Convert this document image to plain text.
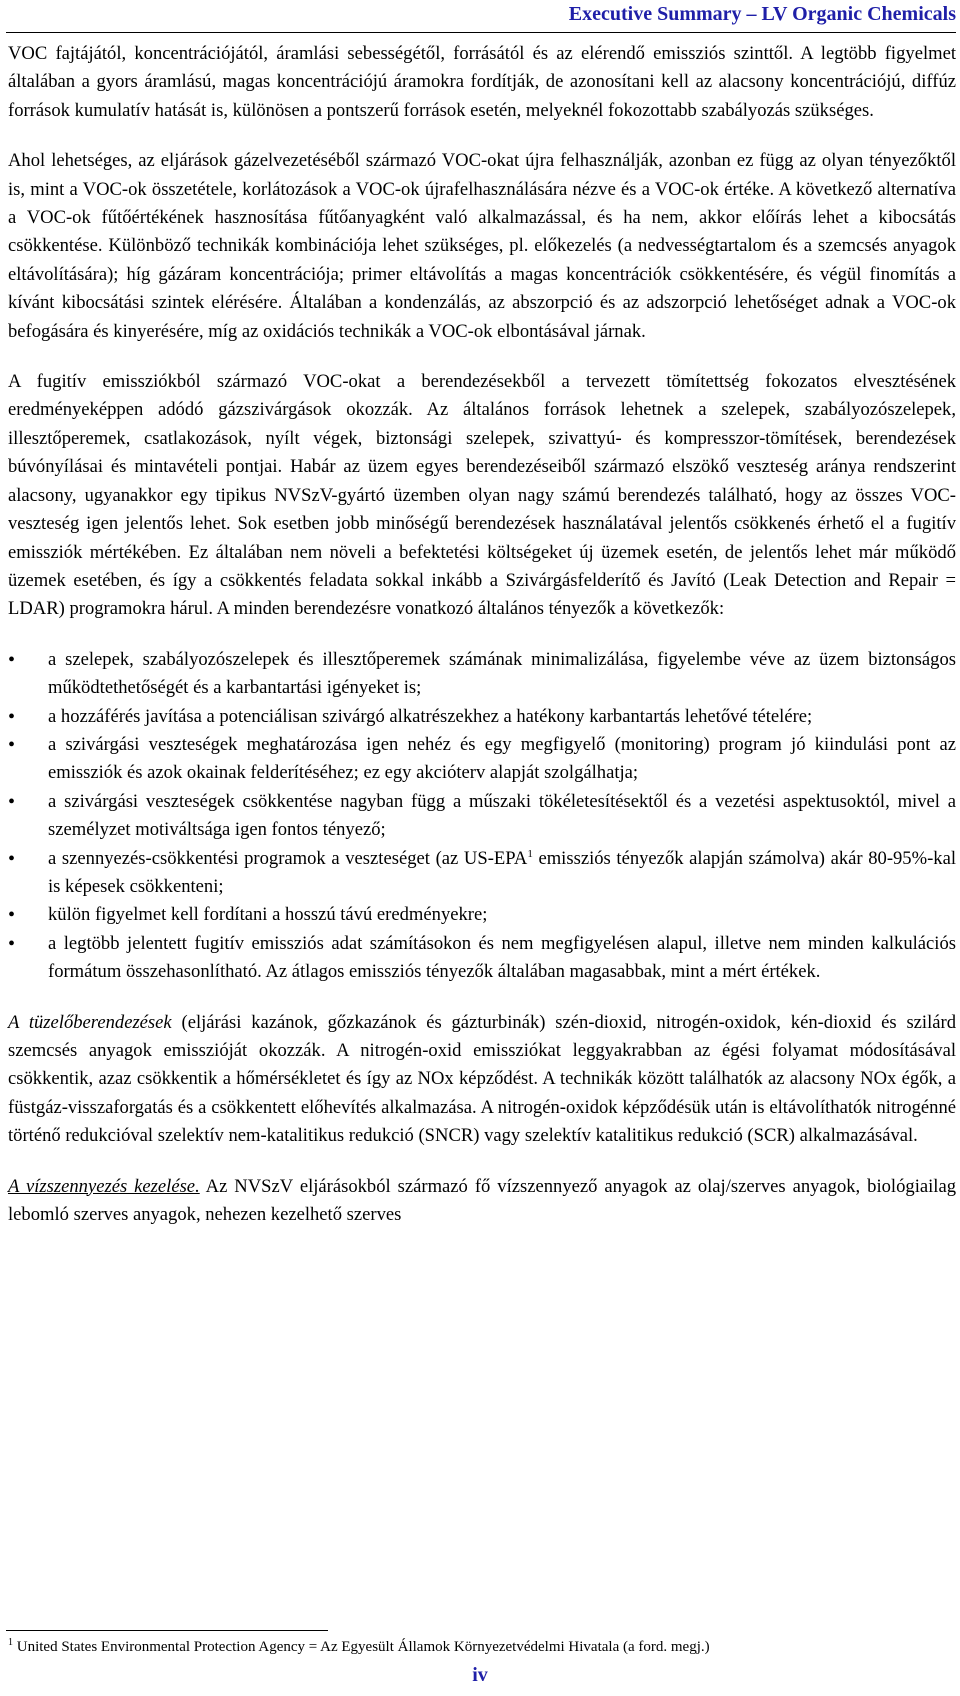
Executive Summary – LV Organic Chemicals

VOC fajtájától, koncentrációjától, áramlási sebességétől, forrásától és az elérendő emissziós szinttől. A legtöbb figyelmet általában a gyors áramlású, magas koncentrációjú áramokra fordítják, de azonosítani kell az alacsony koncentrációjú, diffúz források kumulatív hatását is, különösen a pontszerű források esetén, melyeknél fokozottabb szabályozás szükséges.

Ahol lehetséges, az eljárások gázelvezetéséből származó VOC-okat újra felhasználják, azonban ez függ az olyan tényezőktől is, mint a VOC-ok összetétele, korlátozások a VOC-ok újrafelhasználására nézve és a VOC-ok értéke. A következő alternatíva a VOC-ok fűtőértékének hasznosítása fűtőanyagként való alkalmazással, és ha nem, akkor előírás lehet a kibocsátás csökkentése. Különböző technikák kombinációja lehet szükséges, pl. előkezelés (a nedvességtartalom és a szemcsés anyagok eltávolítására); híg gázáram koncentrációja; primer eltávolítás a magas koncentrációk csökkentésére, és végül finomítás a kívánt kibocsátási szintek elérésére. Általában a kondenzálás, az abszorpció és az adszorpció lehetőséget adnak a VOC-ok befogására és kinyerésére, míg az oxidációs technikák a VOC-ok elbontásával járnak.

A fugitív emissziókból származó VOC-okat a berendezésekből a tervezett tömítettség fokozatos elvesztésének eredményeképpen adódó gázszivárgások okozzák. Az általános források lehetnek a szelepek, szabályozószelepek, illesztőperemek, csatlakozások, nyílt végek, biztonsági szelepek, szivattyú- és kompresszor-tömítések, berendezések búvónyílásai és mintavételi pontjai. Habár az üzem egyes berendezéseiből származó elszökő veszteség aránya rendszerint alacsony, ugyanakkor egy tipikus NVSzV-gyártó üzemben olyan nagy számú berendezés található, hogy az összes VOC-veszteség igen jelentős lehet. Sok esetben jobb minőségű berendezések használatával jelentős csökkenés érhető el a fugitív emissziók mértékében. Ez általában nem növeli a befektetési költségeket új üzemek esetén, de jelentős lehet már működő üzemek esetében, és így a csökkentés feladata sokkal inkább a Szivárgásfelderítő és Javító (Leak Detection and Repair = LDAR) programokra hárul. A minden berendezésre vonatkozó általános tényezők a következők:

• a szelepek, szabályozószelepek és illesztőperemek számának minimalizálása, figyelembe véve az üzem biztonságos működtethetőségét és a karbantartási igényeket is;
• a hozzáférés javítása a potenciálisan szivárgó alkatrészekhez a hatékony karbantartás lehetővé tételére;
• a szivárgási veszteségek meghatározása igen nehéz és egy megfigyelő (monitoring) program jó kiindulási pont az emissziók és azok okainak felderítéséhez; ez egy akcióterv alapját szolgálhatja;
• a szivárgási veszteségek csökkentése nagyban függ a műszaki tökéletesítésektől és a vezetési aspektusoktól, mivel a személyzet motiváltsága igen fontos tényező;
• a szennyezés-csökkentési programok a veszteséget (az US-EPA$^1$ emissziós tényezők alapján számolva) akár 80-95%-kal is képesek csökkenteni;
• külön figyelmet kell fordítani a hosszú távú eredményekre;
• a legtöbb jelentett fugitív emissziós adat számításokon és nem megfigyelésen alapul, illetve nem minden kalkulációs formátum összehasonlítható. Az átlagos emissziós tényezők általában magasabbak, mint a mért értékek.

A tüzelőberendezések (eljárási kazánok, gőzkazánok és gázturbinák) szén-dioxid, nitrogén-oxidok, kén-dioxid és szilárd szemcsés anyagok emisszióját okozzák. A nitrogén-oxid emissziókat leggyakrabban az égési folyamat módosításával csökkentik, azaz csökkentik a hőmérsékletet és így az NOx képződést. A technikák között találhatók az alacsony NOx égők, a füstgáz-visszaforgatás és a csökkentett előhevítés alkalmazása. A nitrogén-oxidok képződésük után is eltávolíthatók nitrogénné történő redukcióval szelektív nem-katalitikus redukció (SNCR) vagy szelektív katalitikus redukció (SCR) alkalmazásával.

A vízszennyezés kezelése. Az NVSzV eljárásokból származó fő vízszennyező anyagok az olaj/szerves anyagok, biológiailag lebomló szerves anyagok, nehezen kezelhető szerves

$^1$ United States Environmental Protection Agency = Az Egyesült Államok Környezetvédelmi Hivatala (a ford. megj.)
iv
